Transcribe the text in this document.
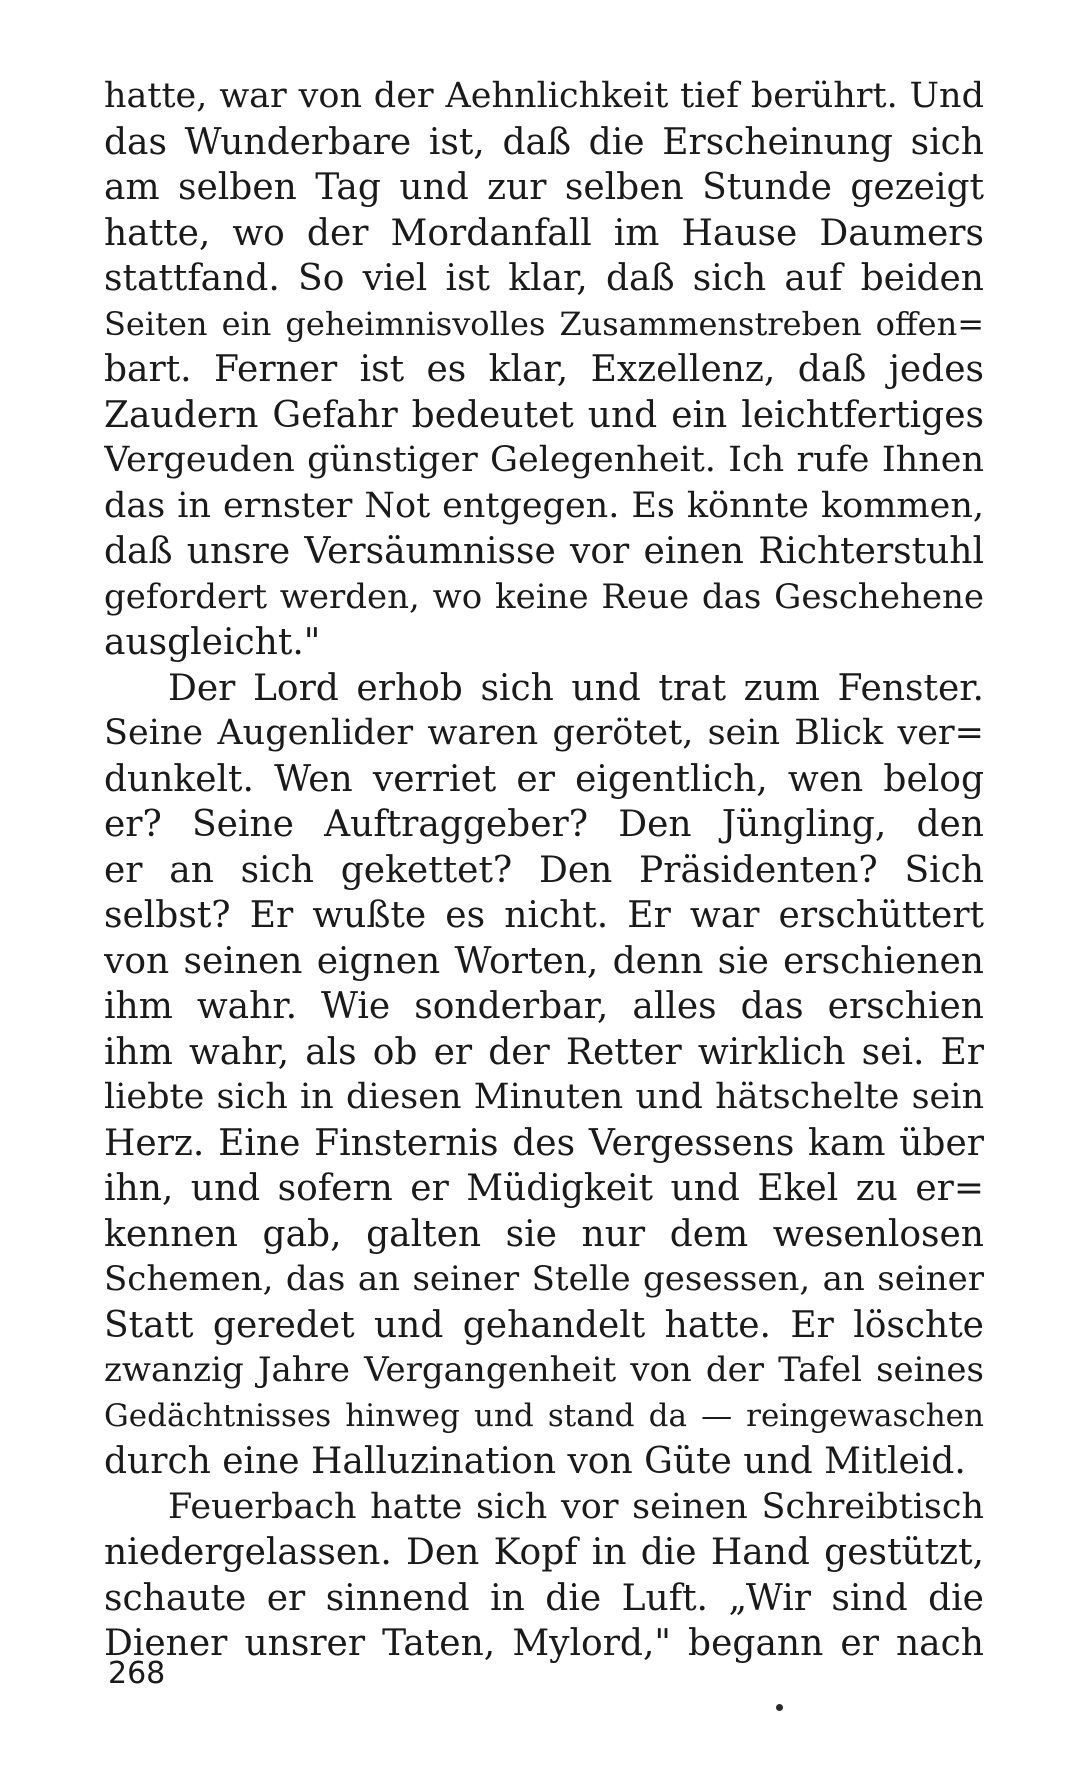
hatte, war von der Aehnlichkeit tief berührt. Und
das Wunderbare ist, daß die Erscheinung sich
am selben Tag und zur selben Stunde gezeigt
hatte, wo der Mordanfall im Hause Daumers
stattfand. So viel ist klar, daß sich auf beiden
Seiten ein geheimnisvolles Zusammenstreben offen=
bart. Ferner ist es klar, Exzellenz, daß jedes
Zaudern Gefahr bedeutet und ein leichtfertiges
Vergeuden günstiger Gelegenheit. Ich rufe Ihnen
das in ernster Not entgegen. Es könnte kommen,
daß unsre Versäumnisse vor einen Richterstuhl
gefordert werden, wo keine Reue das Geschehene
ausgleicht."
Der Lord erhob sich und trat zum Fenster.
Seine Augenlider waren gerötet, sein Blick ver=
dunkelt. Wen verriet er eigentlich, wen belog
er? Seine Auftraggeber? Den Jüngling, den
er an sich gekettet? Den Präsidenten? Sich
selbst? Er wußte es nicht. Er war erschüttert
von seinen eignen Worten, denn sie erschienen
ihm wahr. Wie sonderbar, alles das erschien
ihm wahr, als ob er der Retter wirklich sei. Er
liebte sich in diesen Minuten und hätschelte sein
Herz. Eine Finsternis des Vergessens kam über
ihn, und sofern er Müdigkeit und Ekel zu er=
kennen gab, galten sie nur dem wesenlosen
Schemen, das an seiner Stelle gesessen, an seiner
Statt geredet und gehandelt hatte. Er löschte
zwanzig Jahre Vergangenheit von der Tafel seines
Gedächtnisses hinweg und stand da — reingewaschen
durch eine Halluzination von Güte und Mitleid.
Feuerbach hatte sich vor seinen Schreibtisch
niedergelassen. Den Kopf in die Hand gestützt,
schaute er sinnend in die Luft. „Wir sind die
Diener unsrer Taten, Mylord," begann er nach
268
